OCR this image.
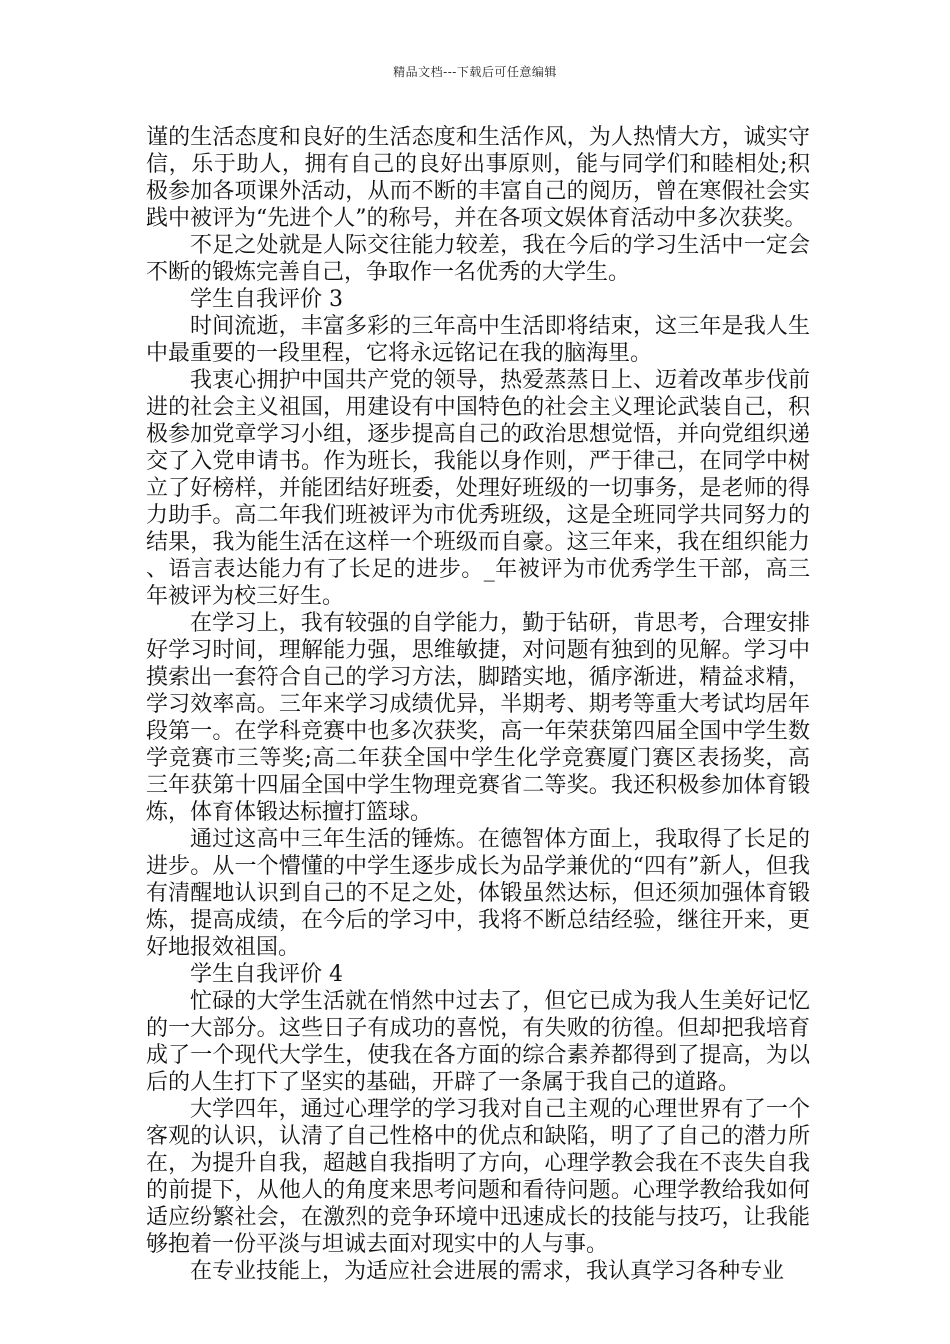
精品文档---下载后可任意编辑

谨的生活态度和良好的生活态度和生活作风，为人热情大方，诚实守信，乐于助人，拥有自己的良好出事原则，能与同学们和睦相处;积极参加各项课外活动，从而不断的丰富自己的阅历，曾在寒假社会实践中被评为“先进个人”的称号，并在各项文娱体育活动中多次获奖。

不足之处就是人际交往能力较差，我在今后的学习生活中一定会不断的锻炼完善自己，争取作一名优秀的大学生。

学生自我评价 3

时间流逝，丰富多彩的三年高中生活即将结束，这三年是我人生中最重要的一段里程，它将永远铭记在我的脑海里。

我衷心拥护中国共产党的领导，热爱蒸蒸日上、迈着改革步伐前进的社会主义祖国，用建设有中国特色的社会主义理论武装自己，积极参加党章学习小组，逐步提高自己的政治思想觉悟，并向党组织递交了入党申请书。作为班长，我能以身作则，严于律己，在同学中树立了好榜样，并能团结好班委，处理好班级的一切事务，是老师的得力助手。高二年我们班被评为市优秀班级，这是全班同学共同努力的结果，我为能生活在这样一个班级而自豪。这三年来，我在组织能力、语言表达能力有了长足的进步。_年被评为市优秀学生干部，高三年被评为校三好生。

在学习上，我有较强的自学能力，勤于钻研，肯思考，合理安排好学习时间，理解能力强，思维敏捷，对问题有独到的见解。学习中摸索出一套符合自己的学习方法，脚踏实地，循序渐进，精益求精，学习效率高。三年来学习成绩优异，半期考、期考等重大考试均居年段第一。在学科竞赛中也多次获奖，高一年荣获第四届全国中学生数学竞赛市三等奖;高二年获全国中学生化学竞赛厦门赛区表扬奖，高三年获第十四届全国中学生物理竞赛省二等奖。我还积极参加体育锻炼，体育体锻达标擅打篮球。

通过这高中三年生活的锤炼。在德智体方面上，我取得了长足的进步。从一个懵懂的中学生逐步成长为品学兼优的“四有”新人，但我有清醒地认识到自己的不足之处，体锻虽然达标，但还须加强体育锻炼，提高成绩，在今后的学习中，我将不断总结经验，继往开来，更好地报效祖国。

学生自我评价 4

忙碌的大学生活就在悄然中过去了，但它已成为我人生美好记忆的一大部分。这些日子有成功的喜悦，有失败的彷徨。但却把我培育成了一个现代大学生，使我在各方面的综合素养都得到了提高，为以后的人生打下了坚实的基础，开辟了一条属于我自己的道路。

大学四年，通过心理学的学习我对自己主观的心理世界有了一个客观的认识，认清了自己性格中的优点和缺陷，明了了自己的潜力所在，为提升自我，超越自我指明了方向，心理学教会我在不丧失自我的前提下，从他人的角度来思考问题和看待问题。心理学教给我如何适应纷繁社会，在激烈的竞争环境中迅速成长的技能与技巧，让我能够抱着一份平淡与坦诚去面对现实中的人与事。

在专业技能上，为适应社会进展的需求，我认真学习各种专业
